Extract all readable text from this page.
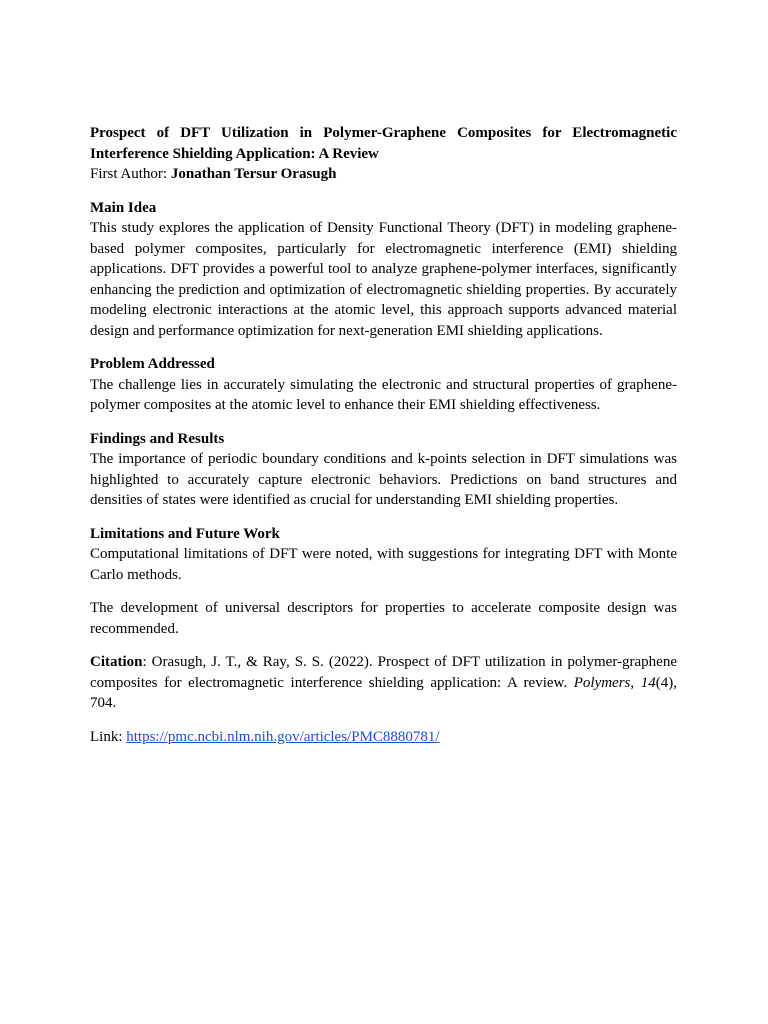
Prospect of DFT Utilization in Polymer-Graphene Composites for Electromagnetic Interference Shielding Application: A Review

First Author: Jonathan Tersur Orasugh

Main Idea

This study explores the application of Density Functional Theory (DFT) in modeling graphene-based polymer composites, particularly for electromagnetic interference (EMI) shielding applications. DFT provides a powerful tool to analyze graphene-polymer interfaces, significantly enhancing the prediction and optimization of electromagnetic shielding properties. By accurately modeling electronic interactions at the atomic level, this approach supports advanced material design and performance optimization for next-generation EMI shielding applications.

Problem Addressed

The challenge lies in accurately simulating the electronic and structural properties of graphene-polymer composites at the atomic level to enhance their EMI shielding effectiveness.

Findings and Results

The importance of periodic boundary conditions and k-points selection in DFT simulations was highlighted to accurately capture electronic behaviors. Predictions on band structures and densities of states were identified as crucial for understanding EMI shielding properties.

Limitations and Future Work

Computational limitations of DFT were noted, with suggestions for integrating DFT with Monte Carlo methods.

The development of universal descriptors for properties to accelerate composite design was recommended.

Citation: Orasugh, J. T., & Ray, S. S. (2022). Prospect of DFT utilization in polymer-graphene composites for electromagnetic interference shielding application: A review. Polymers, 14(4), 704.

Link: https://pmc.ncbi.nlm.nih.gov/articles/PMC8880781/
